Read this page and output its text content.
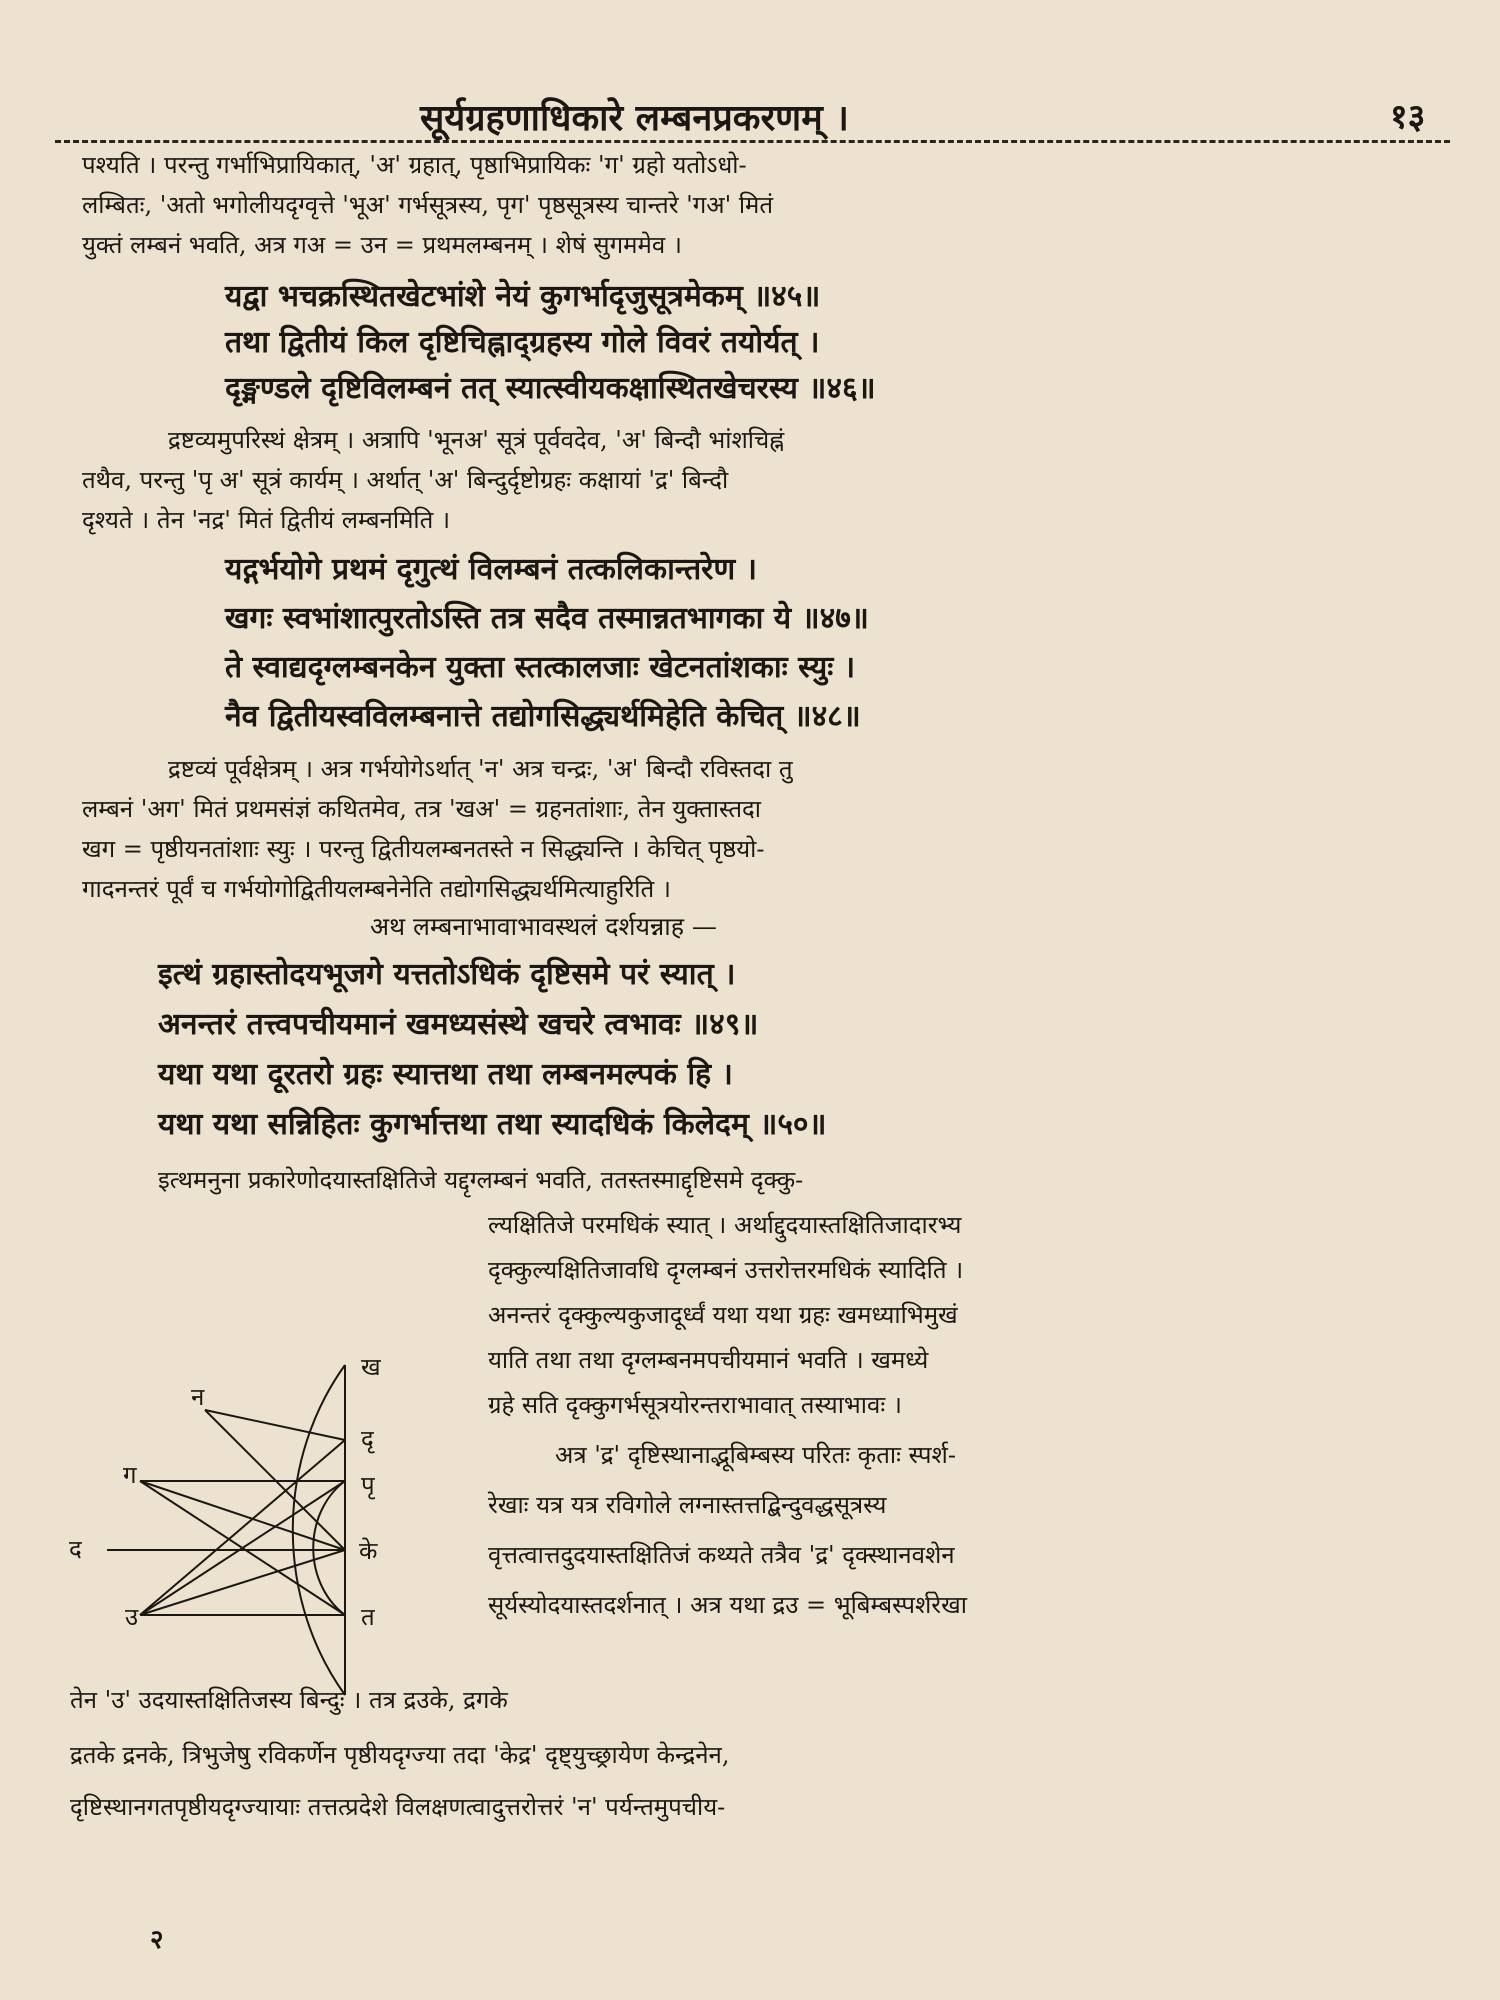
सूर्यग्रहणाधिकारे लम्बनप्रकरणम् ।	१३
पश्यति । परन्तु गर्भाभिप्रायिकात्, 'अ' ग्रहात्, पृष्ठाभिप्रायिकः 'ग' ग्रहो यतोऽधो-
लम्बितः, 'अतो भगोलीयदृग्वृत्ते 'भूअ' गर्भसूत्रस्य, पृग' पृष्ठसूत्रस्य चान्तरे 'गअ' मितं
युक्तं लम्बनं भवति, अत्र गअ = उन = प्रथमलम्बनम् । शेषं सुगममेव ।
यद्वा भचक्रस्थितखेटभांशे नेयं कुगर्भादृजुसूत्रमेकम् ॥४५॥
तथा द्वितीयं किल दृष्टिचिह्नाद्ग्रहस्य गोले विवरं तयोर्यत् ।
दृङ्मण्डले दृष्टिविलम्बनं तत् स्यात्स्वीयकक्षास्थितखेचरस्य ॥४६॥
द्रष्टव्यमुपरिस्थं क्षेत्रम् । अत्रापि 'भूनअ' सूत्रं पूर्ववदेव, 'अ' बिन्दौ भांशचिह्नं
तथैव, परन्तु 'पृ अ' सूत्रं कार्यम् । अर्थात् 'अ' बिन्दुर्दृष्टोग्रहः कक्षायां 'द्र' बिन्दौ
दृश्यते । तेन 'नद्र' मितं द्वितीयं लम्बनमिति ।
यद्गर्भयोगे प्रथमं दृगुत्थं विलम्बनं तत्कलिकान्तरेण ।
खगः स्वभांशात्पुरतोऽस्ति तत्र सदैव तस्मान्नतभागका ये ॥४७॥
ते स्वाद्यदृग्लम्बनकेन युक्ता स्तत्कालजाः खेटनतांशकाः स्युः ।
नैव द्वितीयस्वविलम्बनात्ते तद्योगसिद्ध्यर्थमिहेति केचित् ॥४८॥
द्रष्टव्यं पूर्वक्षेत्रम् । अत्र गर्भयोगेऽर्थात् 'न' अत्र चन्द्रः, 'अ' बिन्दौ रविस्तदा तु
लम्बनं 'अग' मितं प्रथमसंज्ञं कथितमेव, तत्र 'खअ' = ग्रहनतांशाः, तेन युक्तास्तदा
खग = पृष्ठीयनतांशाः स्युः । परन्तु द्वितीयलम्बनतस्ते न सिद्ध्यन्ति । केचित् पृष्ठयो-
गादनन्तरं पूर्वं च गर्भयोगोद्वितीयलम्बनेनेति तद्योगसिद्ध्यर्थमित्याहुरिति ।
अथ लम्बनाभावाभावस्थलं दर्शयन्नाह —
इत्थं ग्रहास्तोदयभूजगे यत्ततोऽधिकं दृष्टिसमे परं स्यात् ।
अनन्तरं तत्त्वपचीयमानं खमध्यसंस्थे खचरे त्वभावः ॥४९॥
यथा यथा दूरतरो ग्रहः स्यात्तथा तथा लम्बनमल्पकं हि ।
यथा यथा सन्निहितः कुगर्भात्तथा तथा स्यादधिकं किलेदम् ॥५०॥
इत्थमनुना प्रकारेणोदयास्तक्षितिजे यद्दृग्लम्बनं भवति, ततस्तस्माद्दृष्टिसमे दृक्कु-
ल्यक्षितिजे परमधिकं स्यात् । अर्थाद्दुदयास्तक्षितिजादारभ्य
दृक्कुल्यक्षितिजावधि दृग्लम्बनं उत्तरोत्तरमधिकं स्यादिति ।
अनन्तरं दृक्कुल्यकुजादूर्ध्वं यथा यथा ग्रहः खमध्याभिमुखं
याति तथा तथा दृग्लम्बनमपचीयमानं भवति । खमध्ये
ग्रहे सति दृक्कुगर्भसूत्रयोरन्तराभावात् तस्याभावः ।
अत्र 'द्र' दृष्टिस्थानाद्भूबिम्बस्य परितः कृताः स्पर्श-
रेखाः यत्र यत्र रविगोले लग्नास्तत्तद्बिन्दुवद्धसूत्रस्य
वृत्तत्वात्तदुदयास्तक्षितिजं कथ्यते तत्रैव 'द्र' दृक्स्थानवशेन
सूर्यस्योदयास्तदर्शनात् । अत्र यथा द्रउ = भूबिम्बस्पर्शरेखा
तेन 'उ' उदयास्तक्षितिजस्य बिन्दुः । तत्र द्रउके, द्रगके
द्रतके द्रनके, त्रिभुजेषु रविकर्णेन पृष्ठीयदृग्ज्या तदा 'केद्र' दृष्ट्युच्छ्रायेण केन्द्रनेन,
दृष्टिस्थानगतपृष्ठीयदृग्ज्यायाः तत्तत्प्रदेशे विलक्षणत्वादुत्तरोत्तरं 'न' पर्यन्तमुपचीय-
ख
दृ
पृ
के
त
न
ग
उ
द
२
